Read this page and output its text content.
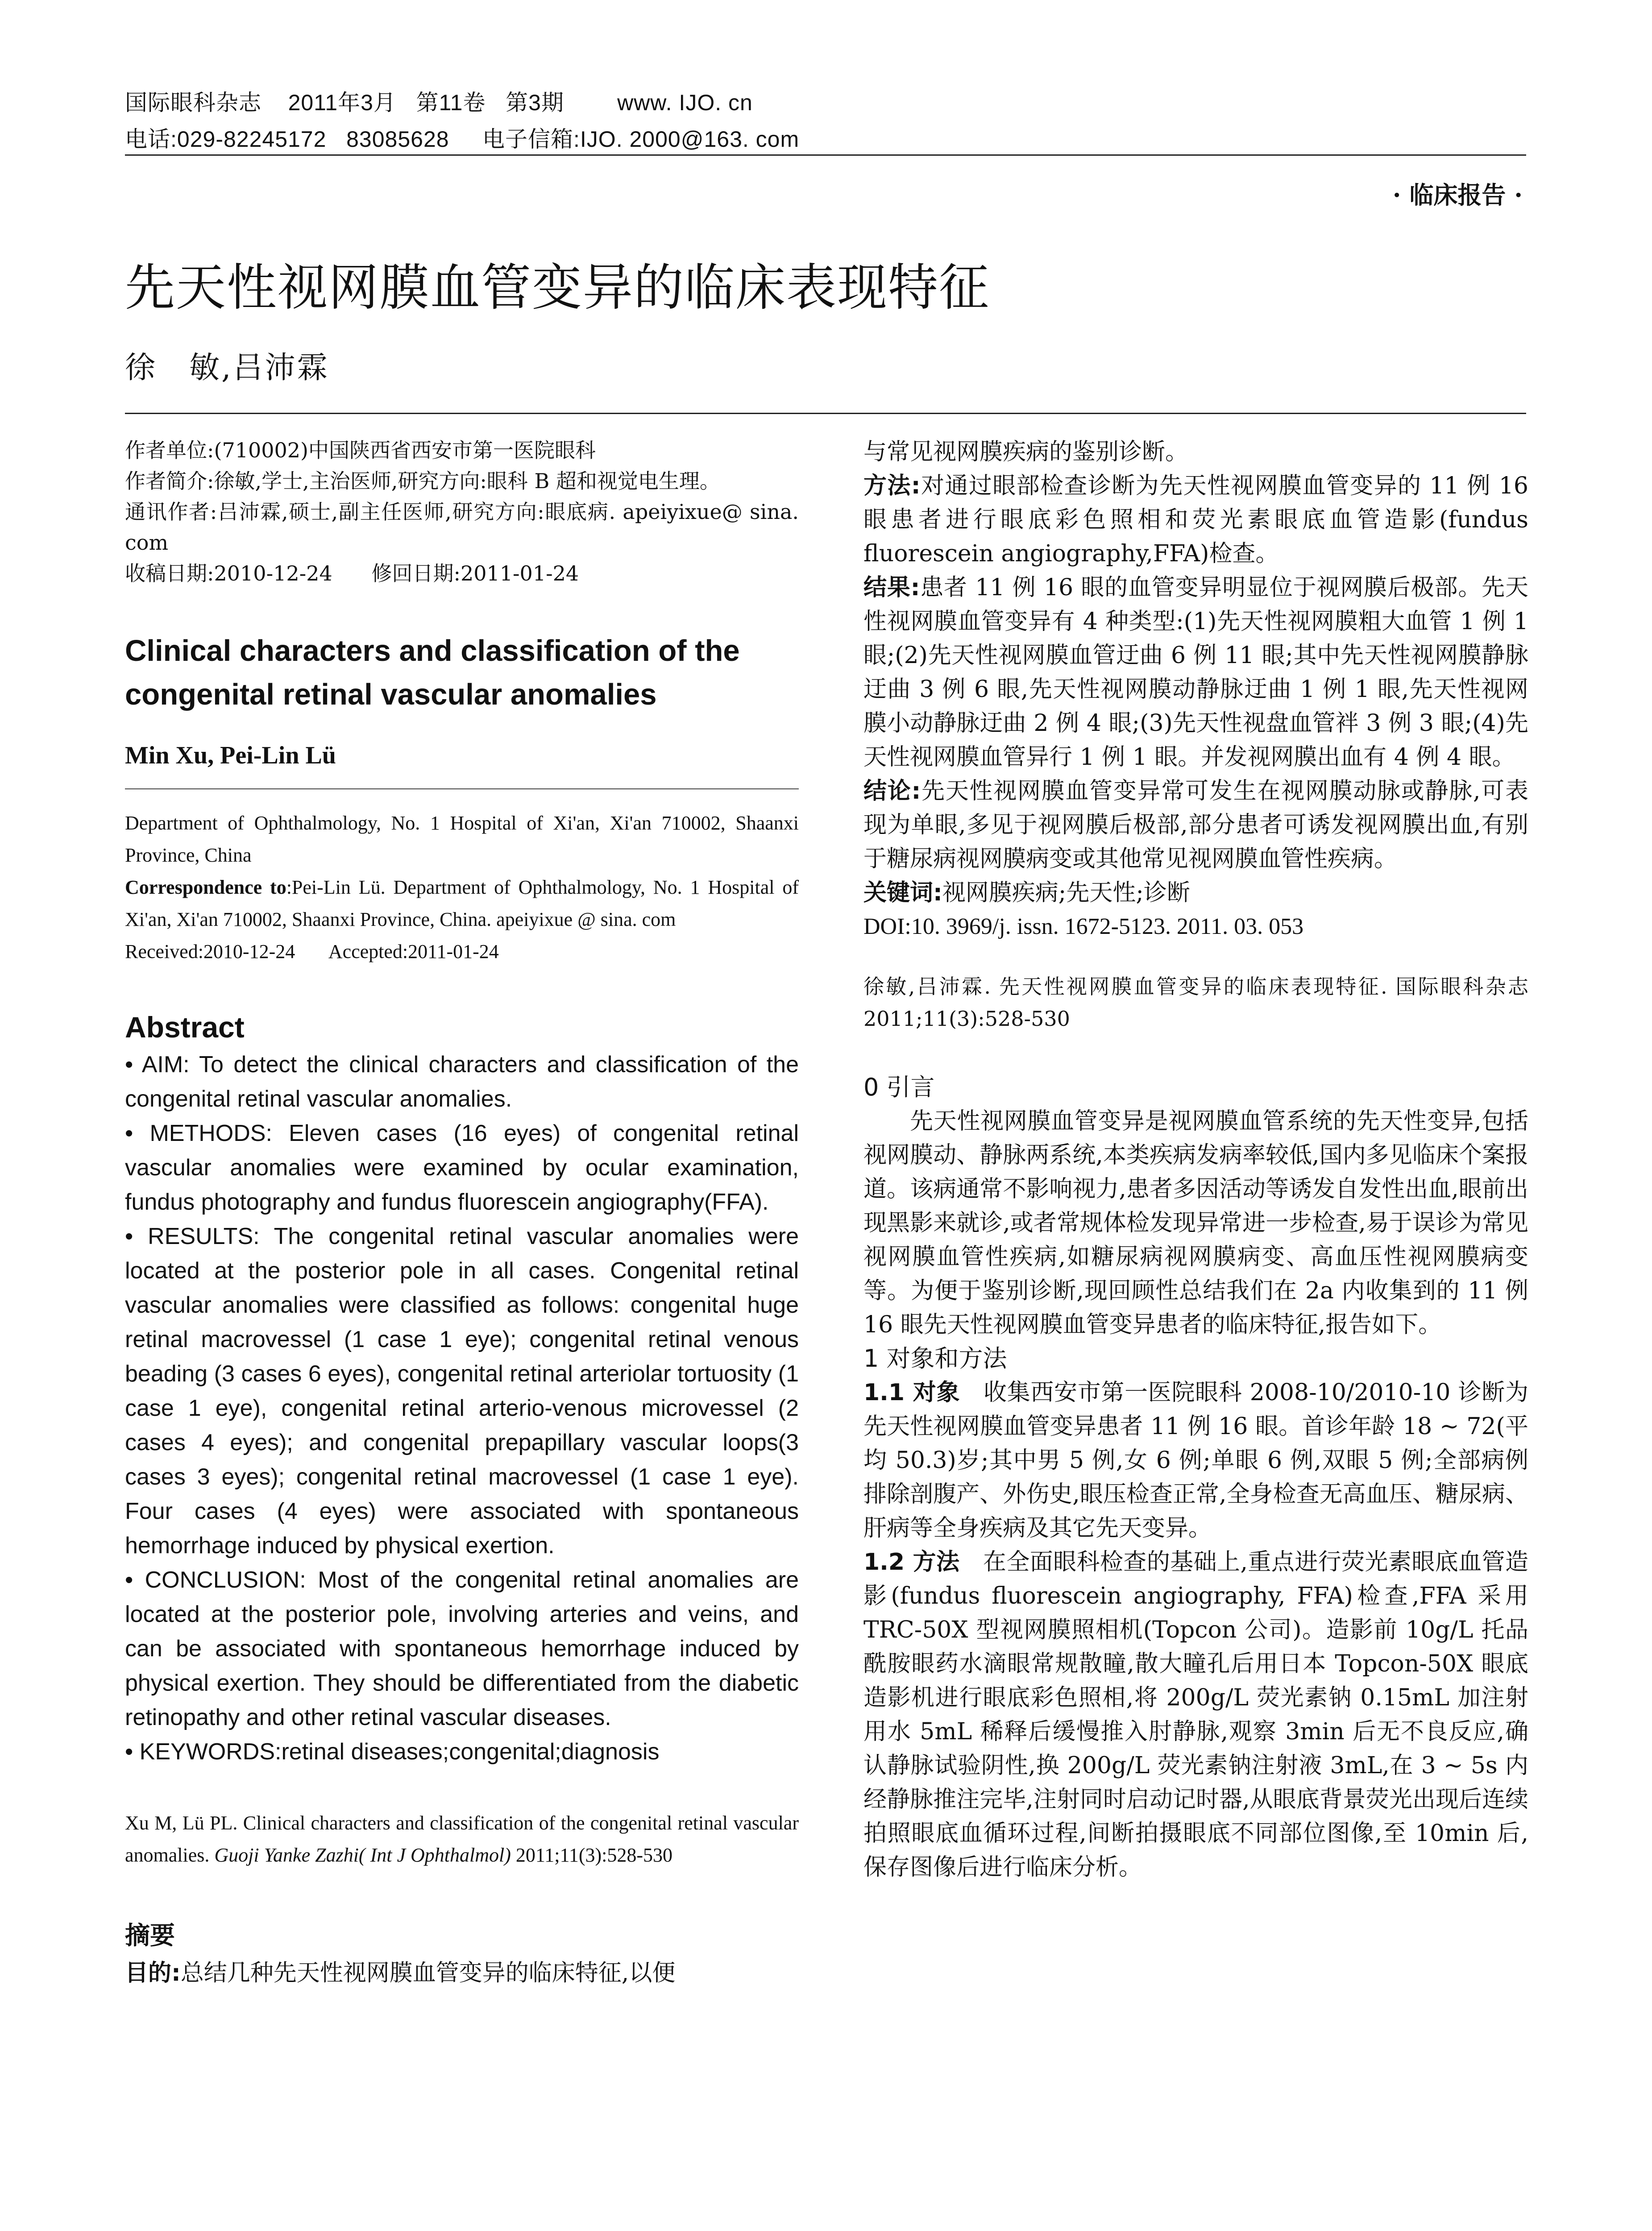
国际眼科杂志    2011年3月   第11卷   第3期        www. IJO. cn
电话:029-82245172   83085628     电子信箱:IJO. 2000@163. com
· 临床报告 ·
先天性视网膜血管变异的临床表现特征
徐　敏,吕沛霖

作者单位:(710002)中国陕西省西安市第一医院眼科

作者简介:徐敏,学士,主治医师,研究方向:眼科 B 超和视觉电生理。

通讯作者:吕沛霖,硕士,副主任医师,研究方向:眼底病. apeiyixue@ sina. com

收稿日期:2010-12-24      修回日期:2011-01-24

Clinical characters and classification of the congenital retinal vascular anomalies
Min Xu, Pei-Lin Lü

Department of Ophthalmology, No. 1 Hospital of Xi'an, Xi'an 710002, Shaanxi Province, China

Correspondence to:Pei-Lin Lü. Department of Ophthalmology, No. 1 Hospital of Xi'an, Xi'an 710002, Shaanxi Province, China. apeiyixue @ sina. com

Received:2010-12-24       Accepted:2011-01-24

Abstract

• AIM: To detect the clinical characters and classification of the congenital retinal vascular anomalies.

• METHODS: Eleven cases (16 eyes) of congenital retinal vascular anomalies were examined by ocular examination, fundus photography and fundus fluorescein angiography(FFA).

• RESULTS: The congenital retinal vascular anomalies were located at the posterior pole in all cases. Congenital retinal vascular anomalies were classified as follows: congenital huge retinal macrovessel (1 case 1 eye); congenital retinal venous beading (3 cases 6 eyes), congenital retinal arteriolar tortuosity (1 case 1 eye), congenital retinal arterio-venous microvessel (2 cases 4 eyes); and congenital prepapillary vascular loops(3 cases 3 eyes); congenital retinal macrovessel (1 case 1 eye). Four cases (4 eyes) were associated with spontaneous hemorrhage induced by physical exertion.

• CONCLUSION: Most of the congenital retinal anomalies are located at the posterior pole, involving arteries and veins, and can be associated with spontaneous hemorrhage induced by physical exertion. They should be differentiated from the diabetic retinopathy and other retinal vascular diseases.

• KEYWORDS:retinal diseases;congenital;diagnosis

Xu M, Lü PL. Clinical characters and classification of the congenital retinal vascular anomalies. Guoji Yanke Zazhi( Int J Ophthalmol) 2011;11(3):528-530
摘要
目的:总结几种先天性视网膜血管变异的临床特征,以便

与常见视网膜疾病的鉴别诊断。

方法:对通过眼部检查诊断为先天性视网膜血管变异的 11 例 16 眼患者进行眼底彩色照相和荧光素眼底血管造影(fundus fluorescein angiography,FFA)检查。

结果:患者 11 例 16 眼的血管变异明显位于视网膜后极部。先天性视网膜血管变异有 4 种类型:(1)先天性视网膜粗大血管 1 例 1 眼;(2)先天性视网膜血管迂曲 6 例 11 眼;其中先天性视网膜静脉迂曲 3 例 6 眼,先天性视网膜动静脉迂曲 1 例 1 眼,先天性视网膜小动静脉迂曲 2 例 4 眼;(3)先天性视盘血管袢 3 例 3 眼;(4)先天性视网膜血管异行 1 例 1 眼。并发视网膜出血有 4 例 4 眼。

结论:先天性视网膜血管变异常可发生在视网膜动脉或静脉,可表现为单眼,多见于视网膜后极部,部分患者可诱发视网膜出血,有别于糖尿病视网膜病变或其他常见视网膜血管性疾病。

关键词:视网膜疾病;先天性;诊断

DOI:10. 3969/j. issn. 1672-5123. 2011. 03. 053

徐敏,吕沛霖. 先天性视网膜血管变异的临床表现特征. 国际眼科杂志 2011;11(3):528-530
0 引言
先天性视网膜血管变异是视网膜血管系统的先天性变异,包括视网膜动、静脉两系统,本类疾病发病率较低,国内多见临床个案报道。该病通常不影响视力,患者多因活动等诱发自发性出血,眼前出现黑影来就诊,或者常规体检发现异常进一步检查,易于误诊为常见视网膜血管性疾病,如糖尿病视网膜病变、高血压性视网膜病变等。为便于鉴别诊断,现回顾性总结我们在 2a 内收集到的 11 例 16 眼先天性视网膜血管变异患者的临床特征,报告如下。
1 对象和方法
1.1 对象　收集西安市第一医院眼科 2008-10/2010-10 诊断为先天性视网膜血管变异患者 11 例 16 眼。首诊年龄 18 ~ 72(平均 50.3)岁;其中男 5 例,女 6 例;单眼 6 例,双眼 5 例;全部病例排除剖腹产、外伤史,眼压检查正常,全身检查无高血压、糖尿病、肝病等全身疾病及其它先天变异。
1.2 方法　在全面眼科检查的基础上,重点进行荧光素眼底血管造影(fundus fluorescein angiography, FFA)检查,FFA 采用 TRC-50X 型视网膜照相机(Topcon 公司)。造影前 10g/L 托品酰胺眼药水滴眼常规散瞳,散大瞳孔后用日本 Topcon-50X 眼底造影机进行眼底彩色照相,将 200g/L 荧光素钠 0.15mL 加注射用水 5mL 稀释后缓慢推入肘静脉,观察 3min 后无不良反应,确认静脉试验阴性,换 200g/L 荧光素钠注射液 3mL,在 3 ~ 5s 内经静脉推注完毕,注射同时启动记时器,从眼底背景荧光出现后连续拍照眼底血循环过程,间断拍摄眼底不同部位图像,至 10min 后,保存图像后进行临床分析。
